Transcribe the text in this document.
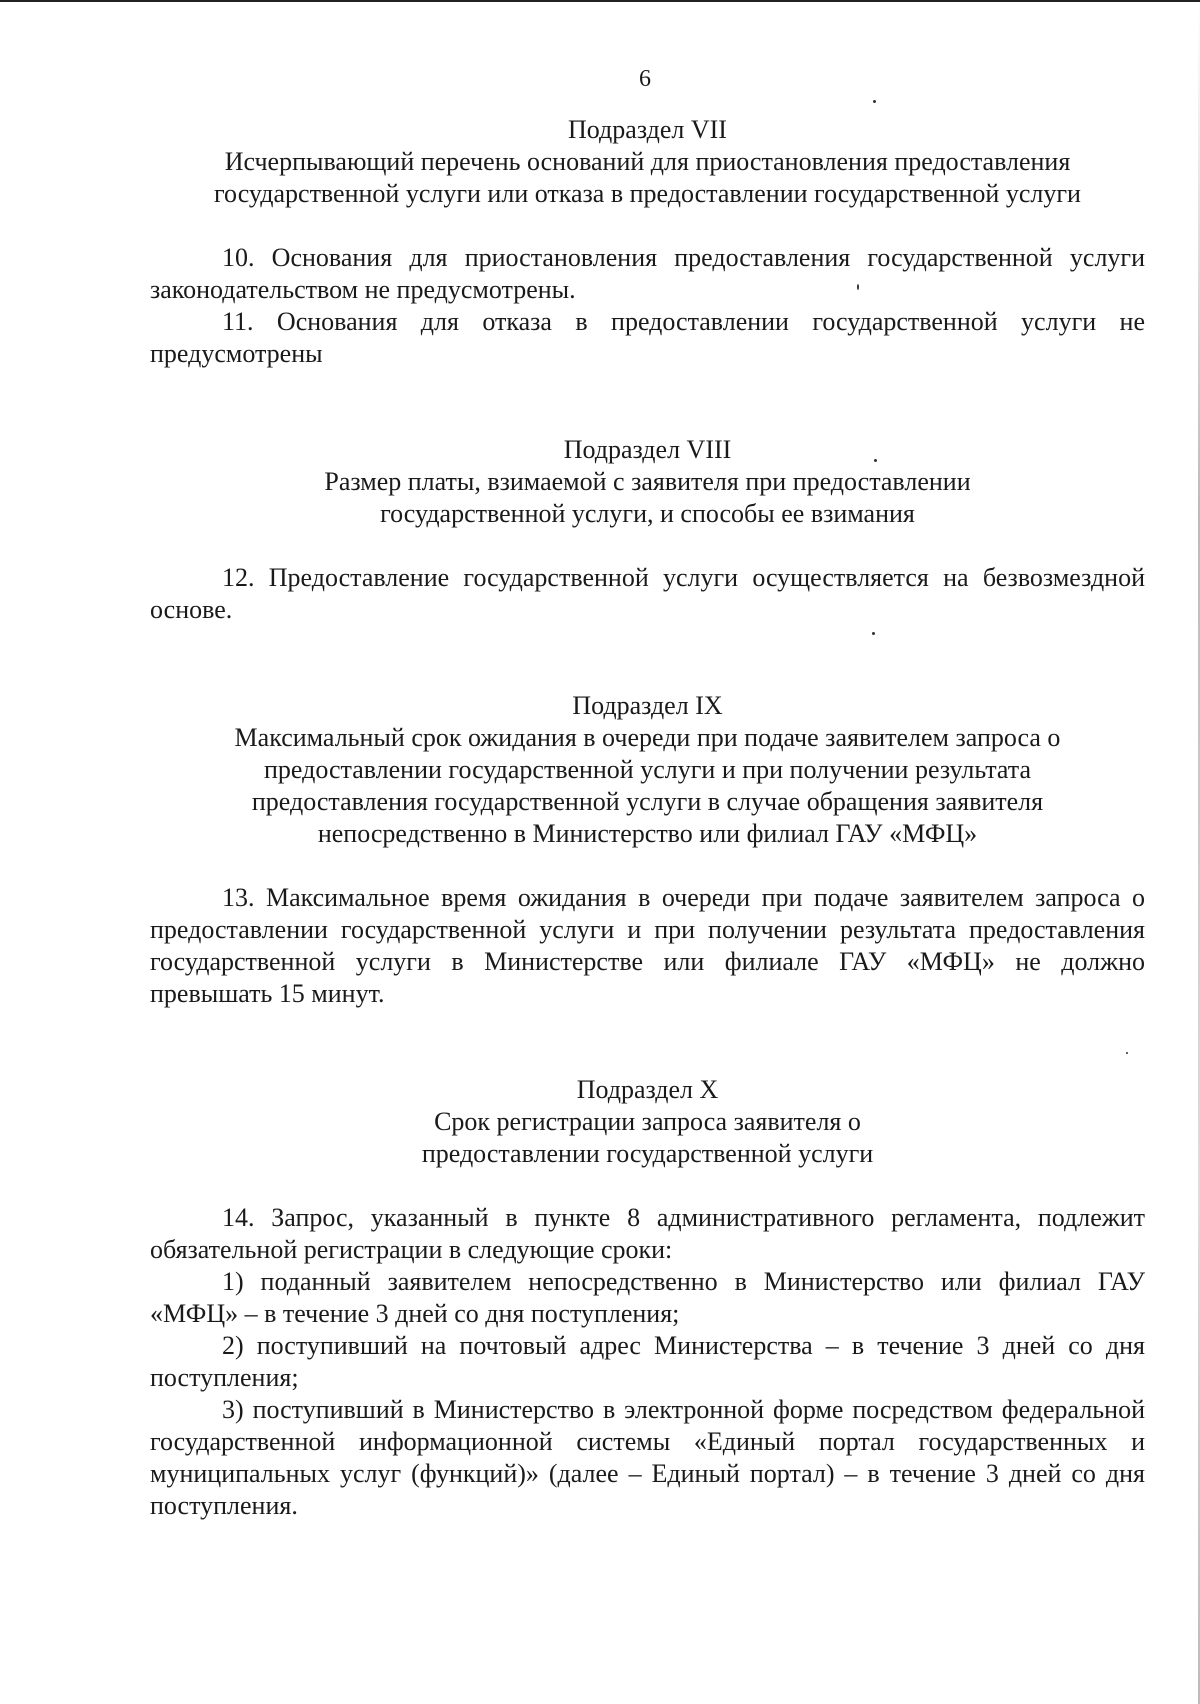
6
Подраздел VII
Исчерпывающий перечень оснований для приостановления предоставления государственной услуги или отказа в предоставлении государственной услуги

10. Основания для приостановления предоставления государственной услуги законодательством не предусмотрены.

11. Основания для отказа в предоставлении государственной услуги не предусмотрены

Подраздел VIII
Размер платы, взимаемой с заявителя при предоставлении государственной услуги, и способы ее взимания

12. Предоставление государственной услуги осуществляется на безвозмездной основе.

Подраздел IX
Максимальный срок ожидания в очереди при подаче заявителем запроса о предоставлении государственной услуги и при получении результата предоставления государственной услуги в случае обращения заявителя непосредственно в Министерство или филиал ГАУ «МФЦ»

13. Максимальное время ожидания в очереди при подаче заявителем запроса о предоставлении государственной услуги и при получении результата предоставления государственной услуги в Министерстве или филиале ГАУ «МФЦ» не должно превышать 15 минут.

Подраздел X
Срок регистрации запроса заявителя о предоставлении государственной услуги

14. Запрос, указанный в пункте 8 административного регламента, подлежит обязательной регистрации в следующие сроки:

1) поданный заявителем непосредственно в Министерство или филиал ГАУ «МФЦ» – в течение 3 дней со дня поступления;

2) поступивший на почтовый адрес Министерства – в течение 3 дней со дня поступления;

3) поступивший в Министерство в электронной форме посредством федеральной государственной информационной системы «Единый портал государственных и муниципальных услуг (функций)» (далее – Единый портал) – в течение 3 дней со дня поступления.
